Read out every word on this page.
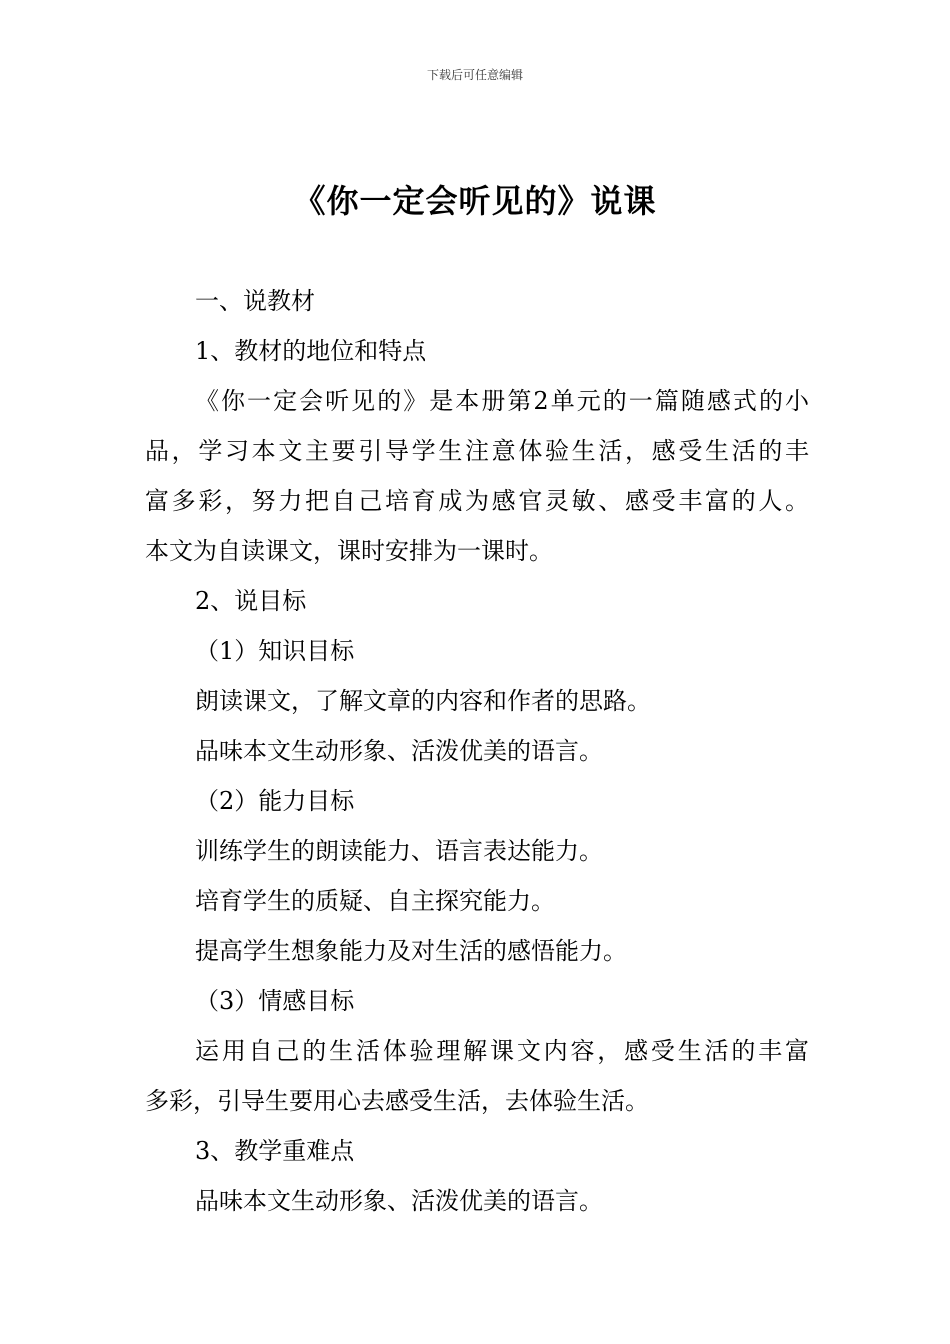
下载后可任意编辑
《你一定会听见的》说课
一、说教材
1、教材的地位和特点
《你一定会听见的》是本册第2单元的一篇随感式的小
品，学习本文主要引导学生注意体验生活，感受生活的丰
富多彩，努力把自己培育成为感官灵敏、感受丰富的人。
本文为自读课文，课时安排为一课时。
2、说目标
（1）知识目标
朗读课文，了解文章的内容和作者的思路。
品味本文生动形象、活泼优美的语言。
（2）能力目标
训练学生的朗读能力、语言表达能力。
培育学生的质疑、自主探究能力。
提高学生想象能力及对生活的感悟能力。
（3）情感目标
运用自己的生活体验理解课文内容，感受生活的丰富
多彩，引导生要用心去感受生活，去体验生活。
3、教学重难点
品味本文生动形象、活泼优美的语言。
